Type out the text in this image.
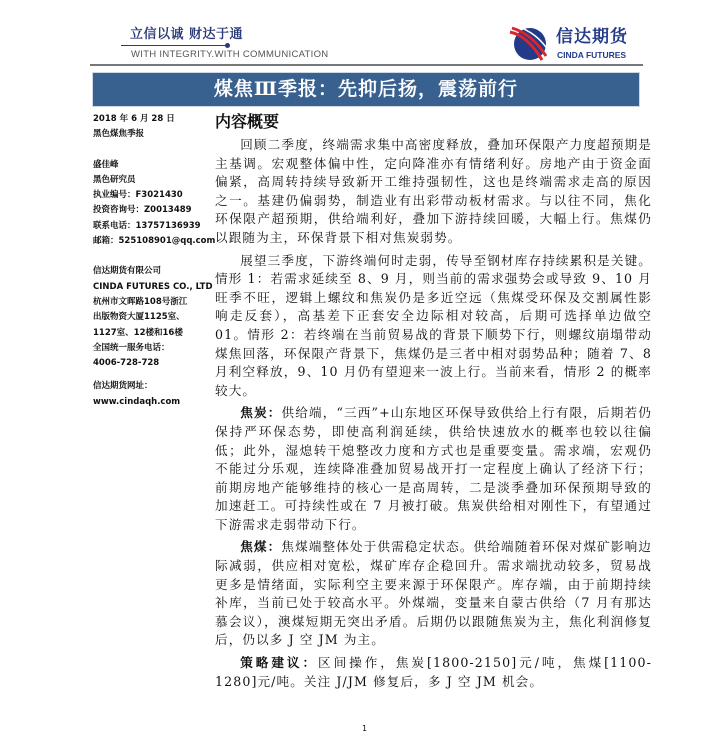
立信以诚 财达于通
WITH INTEGRITY.WITH COMMUNICATION
信达期货
CINDA FUTURES
煤焦Ⅲ季报：先抑后扬，震荡前行
2018 年 6 月 28 日
黑色煤焦季报
盛佳峰
黑色研究员
执业编号：F3021430
投资咨询号：Z0013489
联系电话：13757136939
邮箱：525108901@qq.com
信达期货有限公司
CINDA FUTURES CO., LTD
杭州市文晖路108号浙江
出版物资大厦1125室、
1127室、12楼和16楼
全国统一服务电话：
4006-728-728
信达期货网址：
www.cindaqh.com
内容概要

回顾二季度，终端需求集中高密度释放，叠加环保限产力度超预期是主基调。宏观整体偏中性，定向降准亦有情绪利好。房地产由于资金面偏紧，高周转持续导致新开工维持强韧性，这也是终端需求走高的原因之一。基建仍偏弱势，制造业有出彩带动板材需求。与以往不同，焦化环保限产超预期，供给端利好，叠加下游持续回暖，大幅上行。焦煤仍以跟随为主，环保背景下相对焦炭弱势。

展望三季度，下游终端何时走弱，传导至钢材库存持续累积是关键。情形 1：若需求延续至 8、9 月，则当前的需求强势会或导致 9、10 月旺季不旺，逻辑上螺纹和焦炭仍是多近空远（焦煤受环保及交割属性影响走反套），高基差下正套安全边际相对较高，后期可选择单边做空 01。情形 2：若终端在当前贸易战的背景下顺势下行，则螺纹崩塌带动煤焦回落，环保限产背景下，焦煤仍是三者中相对弱势品种；随着 7、8 月利空释放，9、10 月仍有望迎来一波上行。当前来看，情形 2 的概率较大。

焦炭：供给端，“三西”+山东地区环保导致供给上行有限，后期若仍保持严环保态势，即使高利润延续，供给快速放水的概率也较以往偏低；此外，湿熄转干熄整改力度和方式也是重要变量。需求端，宏观仍不能过分乐观，连续降准叠加贸易战开打一定程度上确认了经济下行；前期房地产能够维持的核心一是高周转，二是淡季叠加环保预期导致的加速赶工。可持续性或在 7 月被打破。焦炭供给相对刚性下，有望通过下游需求走弱带动下行。

焦煤：焦煤端整体处于供需稳定状态。供给端随着环保对煤矿影响边际减弱，供应相对宽松，煤矿库存企稳回升。需求端扰动较多，贸易战更多是情绪面，实际利空主要来源于环保限产。库存端，由于前期持续补库，当前已处于较高水平。外煤端，变量来自蒙古供给（7 月有那达慕会议），澳煤短期无突出矛盾。后期仍以跟随焦炭为主，焦化利润修复后，仍以多 J 空 JM 为主。

策略建议：区间操作，焦炭[1800-2150]元/吨，焦煤[1100-1280]元/吨。关注 J/JM 修复后，多 J 空 JM 机会。

1
